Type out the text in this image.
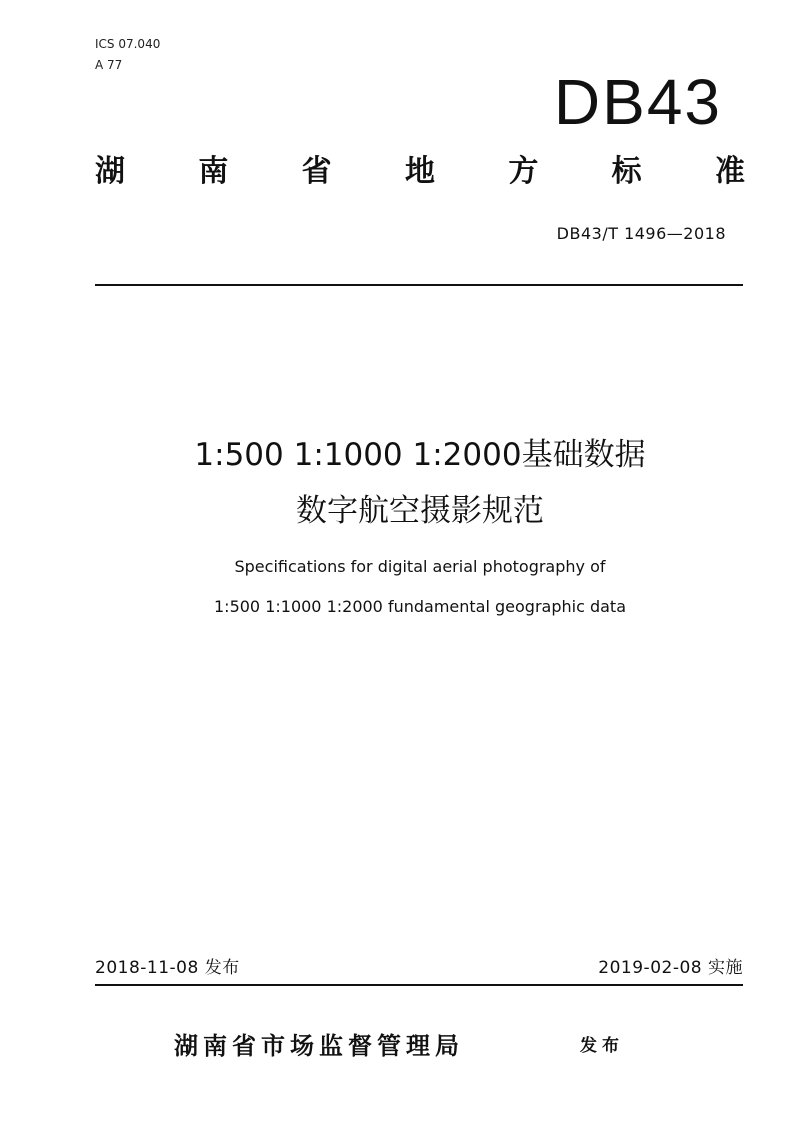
ICS 07.040
A 77
DB43
湖 南 省 地 方 标 准
DB43/T 1496—2018
1:500 1:1000 1:2000基础数据
数字航空摄影规范
Specifications for digital aerial photography of
1:500 1:1000 1:2000 fundamental geographic data
2018-11-08 发布	2019-02-08 实施
湖南省市场监督管理局	发布
